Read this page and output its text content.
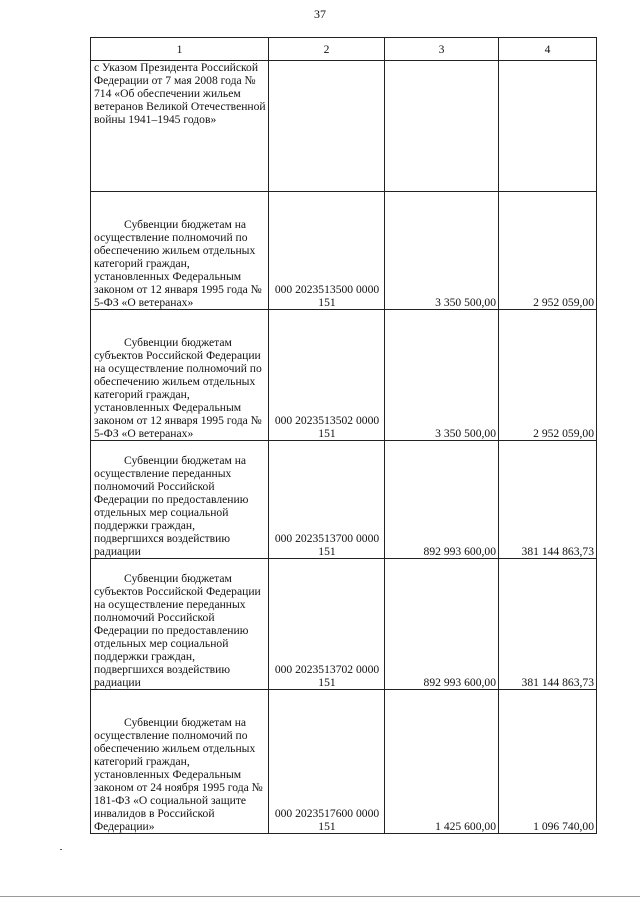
37
1	2	3	4

с Указом Президента Российской Федерации от 7 мая 2008 года № 714 «Об обеспечении жильем ветеранов Великой Отечественной войны 1941–1945 годов»			

Субвенции бюджетам на осуществление полномочий по обеспечению жильем отдельных категорий граждан, установленных Федеральным законом от 12 января 1995 года № 5-ФЗ «О ветеранах»	000 2023513500 0000 151	3 350 500,00	2 952 059,00

Субвенции бюджетам субъектов Российской Федерации на осуществление полномочий по обеспечению жильем отдельных категорий граждан, установленных Федеральным законом от 12 января 1995 года № 5-ФЗ «О ветеранах»	000 2023513502 0000 151	3 350 500,00	2 952 059,00

Субвенции бюджетам на осуществление переданных полномочий Российской Федерации по предоставлению отдельных мер социальной поддержки граждан, подвергшихся воздействию радиации	000 2023513700 0000 151	892 993 600,00	381 144 863,73

Субвенции бюджетам субъектов Российской Федерации на осуществление переданных полномочий Российской Федерации по предоставлению отдельных мер социальной поддержки граждан, подвергшихся воздействию радиации	000 2023513702 0000 151	892 993 600,00	381 144 863,73

Субвенции бюджетам на осуществление полномочий по обеспечению жильем отдельных категорий граждан, установленных Федеральным законом от 24 ноября 1995 года № 181-ФЗ «О социальной защите инвалидов в Российской Федерации»	000 2023517600 0000 151	1 425 600,00	1 096 740,00
